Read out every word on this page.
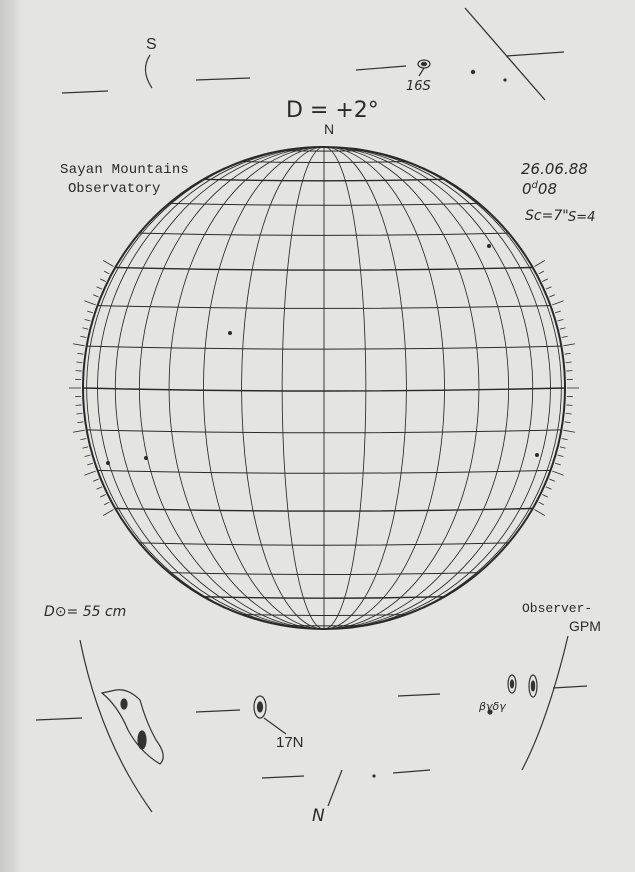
D = +2°
N
Sayan Mountains
Observatory
26.06.88
0$^d$08
Sc=7" S=4
D⊙= 55 cm	Observer-
GPM
S
16S
17N
N
βγδγ
